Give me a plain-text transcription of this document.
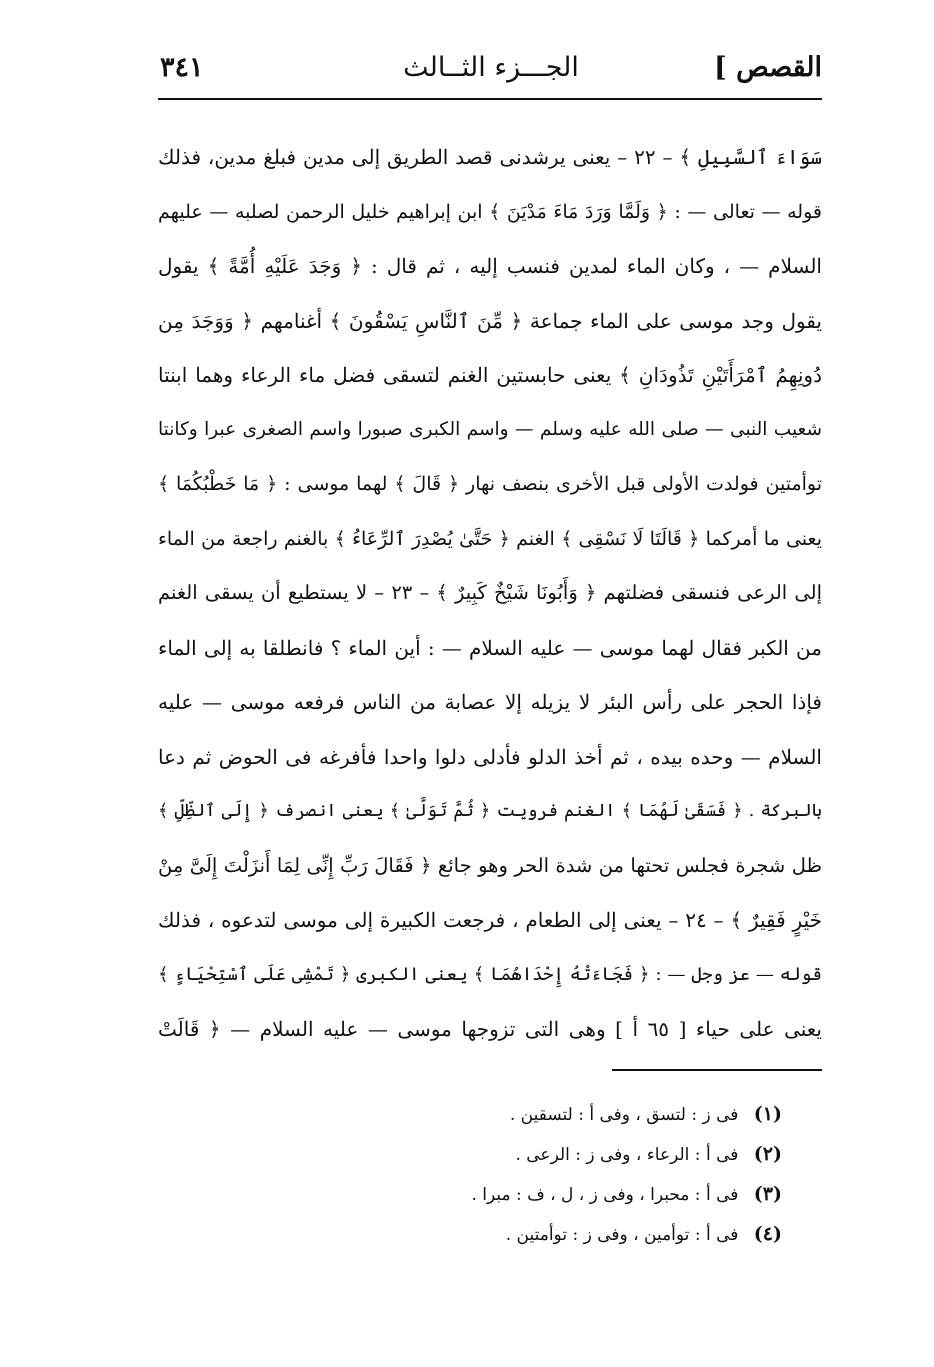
القصص ]
الجـــزء الثــالث
٣٤١
سَوَاءَ ٱلسَّبِيلِ ﴾ – ٢٢ – يعنى يرشدنى قصد الطريق إلى مدين فبلغ مدين، فذلك
قوله — تعالى — : ﴿ وَلَمَّا وَرَدَ مَاءَ مَدْيَنَ ﴾ ابن إبراهيم خليل الرحمن لصلبه — عليهم
السلام — ، وكان الماء لمدين فنسب إليه ، ثم قال : ﴿ وَجَدَ عَلَيْهِ أُمَّةً ﴾ يقول
يقول وجد موسى على الماء جماعة ﴿ مِّنَ ٱلنَّاسِ يَسْقُونَ ﴾ أغنامهم ﴿ وَوَجَدَ مِن
دُونِهِمُ ٱمْرَأَتَيْنِ تَذُودَانِ ﴾ يعنى حابستين الغنم لتسقى فضل ماء الرعاء وهما ابنتا
شعيب النبى — صلى الله عليه وسلم — واسم الكبرى صبورا واسم الصغرى عبرا وكانتا
توأمتين فولدت الأولى قبل الأخرى بنصف نهار ﴿ قَالَ ﴾ لهما موسى : ﴿ مَا خَطْبُكُمَا ﴾
يعنى ما أمركما ﴿ قَالَتَا لَا نَسْقِى ﴾ الغنم ﴿ حَتَّىٰ يُصْدِرَ ٱلرِّعَاءُ ﴾ بالغنم راجعة من الماء
إلى الرعى فنسقى فضلتهم ﴿ وَأَبُونَا شَيْخٌ كَبِيرٌ ﴾ – ٢٣ – لا يستطيع أن يسقى الغنم
من الكبر فقال لهما موسى — عليه السلام — : أين الماء ؟ فانطلقا به إلى الماء
فإذا الحجر على رأس البئر لا يزيله إلا عصابة من الناس فرفعه موسى — عليه
السلام — وحده بيده ، ثم أخذ الدلو فأدلى دلوا واحدا فأفرغه فى الحوض ثم دعا
بالبركة . ﴿ فَسَقَىٰ لَهُمَا ﴾ الغنم فرويت ﴿ ثُمَّ تَوَلَّىٰ ﴾ يعنى انصرف ﴿ إِلَى ٱلظِّلِّ ﴾
ظل شجرة فجلس تحتها من شدة الحر وهو جائع ﴿ فَقَالَ رَبِّ إِنِّى لِمَا أَنزَلْتَ إِلَىَّ مِنْ
خَيْرٍ فَقِيرٌ ﴾ – ٢٤ – يعنى إلى الطعام ، فرجعت الكبيرة إلى موسى لتدعوه ، فذلك
قوله — عز وجل — : ﴿ فَجَاءَتْهُ إِحْدَاهُمَا ﴾ يعنى الكبرى ﴿ تَمْشِى عَلَى ٱسْتِحْيَاءٍ ﴾
يعنى على حياء [ ٦٥ أ ] وهى التى تزوجها موسى — عليه السلام — ﴿ قَالَتْ
(١) فى ز : لتسق ، وفى أ : لتسقين .
(٢) فى أ : الرعاء ، وفى ز : الرعى .
(٣) فى أ : محبرا ، وفى ز ، ل ، ف : مبرا .
(٤) فى أ : توأمين ، وفى ز : توأمتين .
